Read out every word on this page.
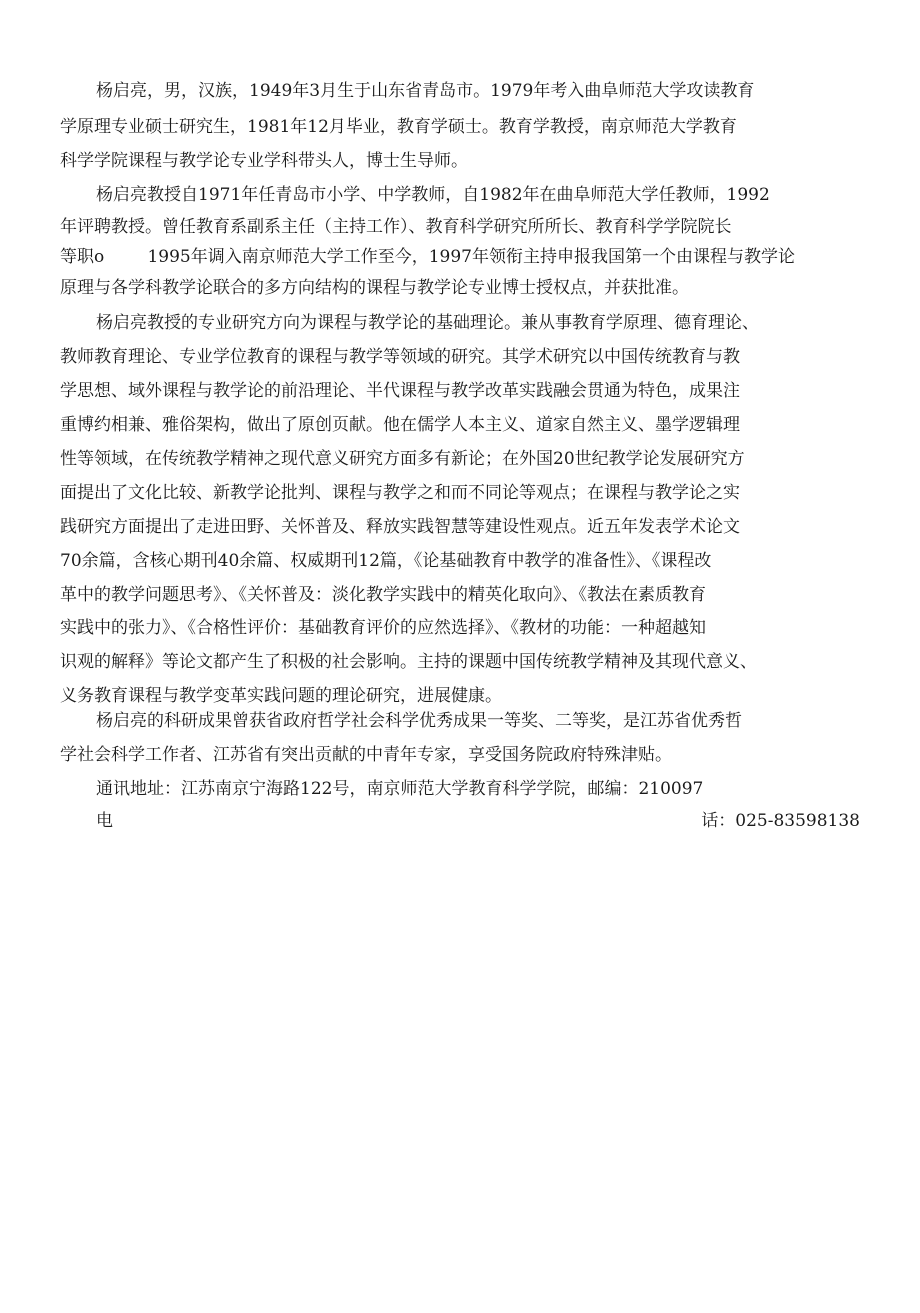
杨启亮，男，汉族，1949年3月生于山东省青岛市。1979年考入曲阜师范大学攻读教育
学原理专业硕士研究生，1981年12月毕业，教育学硕士。教育学教授，南京师范大学教育
科学学院课程与教学论专业学科带头人，博士生导师。
杨启亮教授自1971年任青岛市小学、中学教师，自1982年在曲阜师范大学任教师，1992
年评聘教授。曾任教育系副系主任（主持工作）、教育科学研究所所长、教育科学学院院长
等职o        1995年调入南京师范大学工作至今，1997年领衔主持申报我国第一个由课程与教学论
原理与各学科教学论联合的多方向结构的课程与教学论专业博士授权点，并获批准。
杨启亮教授的专业研究方向为课程与教学论的基础理论。兼从事教育学原理、德育理论、
教师教育理论、专业学位教育的课程与教学等领域的研究。其学术研究以中国传统教育与教
学思想、域外课程与教学论的前沿理论、半代课程与教学改革实践融会贯通为特色，成果注
重博约相兼、雅俗架构，做出了原创页献。他在儒学人本主义、道家自然主义、墨学逻辑理
性等领域，在传统教学精神之现代意义研究方面多有新论；在外国20世纪教学论发展研究方
面提出了文化比较、新教学论批判、课程与教学之和而不同论等观点；在课程与教学论之实
践研究方面提出了走进田野、关怀普及、释放实践智慧等建设性观点。近五年发表学术论文
70余篇，含核心期刊40余篇、权威期刊12篇，《论基础教育中教学的准备性》、《课程改
革中的教学问题思考》、《关怀普及：淡化教学实践中的精英化取向》、《教法在素质教育
实践中的张力》、《合格性评价：基础教育评价的应然选择》、《教材的功能：一种超越知
识观的解释》等论文都产生了积极的社会影响。主持的课题中国传统教学精神及其现代意义、
义务教育课程与教学变革实践问题的理论研究，进展健康。
杨启亮的科研成果曾获省政府哲学社会科学优秀成果一等奖、二等奖，是江苏省优秀哲
学社会科学工作者、江苏省有突出贡献的中青年专家，享受国务院政府特殊津贴。
通讯地址：江苏南京宁海路122号，南京师范大学教育科学学院，邮编：210097
电	话：025-83598138
